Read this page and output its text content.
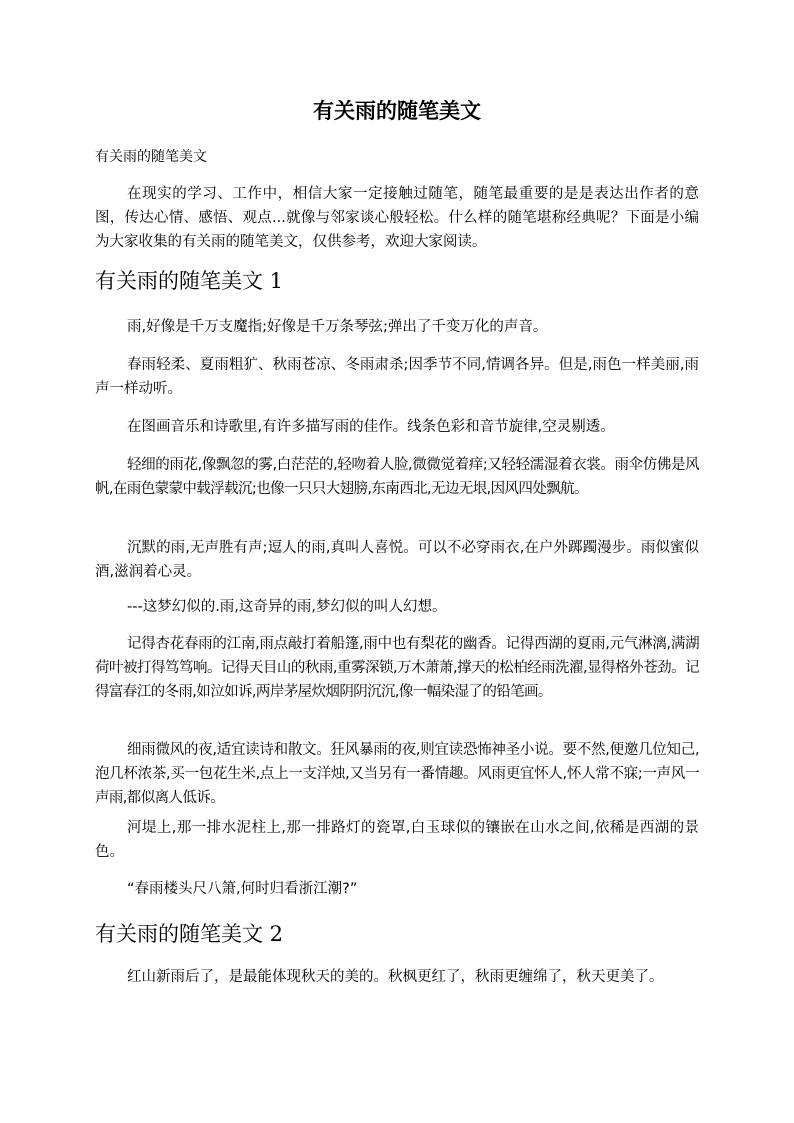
有关雨的随笔美文

有关雨的随笔美文

在现实的学习、工作中，相信大家一定接触过随笔，随笔最重要的是是表达出作者的意图，传达心情、感悟、观点...就像与邻家谈心般轻松。什么样的随笔堪称经典呢？下面是小编为大家收集的有关雨的随笔美文，仅供参考，欢迎大家阅读。

有关雨的随笔美文 1

雨,好像是千万支魔指;好像是千万条琴弦;弹出了千变万化的声音。

春雨轻柔、夏雨粗犷、秋雨苍凉、冬雨肃杀;因季节不同,情调各异。但是,雨色一样美丽,雨声一样动听。

在图画音乐和诗歌里,有许多描写雨的佳作。线条色彩和音节旋律,空灵剔透。

轻细的雨花,像飘忽的雾,白茫茫的,轻吻着人脸,微微觉着痒;又轻轻濡湿着衣裳。雨伞仿佛是风帆,在雨色蒙蒙中载浮载沉;也像一只只大翅膀,东南西北,无边无垠,因风四处飘航。

沉默的雨,无声胜有声;逗人的雨,真叫人喜悦。可以不必穿雨衣,在户外踯躅漫步。雨似蜜似酒,滋润着心灵。

---这梦幻似的.雨,这奇异的雨,梦幻似的叫人幻想。

记得杏花春雨的江南,雨点敲打着船篷,雨中也有梨花的幽香。记得西湖的夏雨,元气淋漓,满湖荷叶被打得笃笃响。记得天目山的秋雨,重雾深锁,万木萧萧,撑天的松柏经雨洗濯,显得格外苍劲。记得富春江的冬雨,如泣如诉,两岸茅屋炊烟阴阴沉沉,像一幅染湿了的铅笔画。

细雨微风的夜,适宜读诗和散文。狂风暴雨的夜,则宜读恐怖神圣小说。要不然,便邀几位知己,泡几杯浓茶,买一包花生米,点上一支洋烛,又当另有一番情趣。风雨更宜怀人,怀人常不寐;一声风一声雨,都似离人低诉。

河堤上,那一排水泥柱上,那一排路灯的瓷罩,白玉球似的镶嵌在山水之间,依稀是西湖的景色。

“春雨楼头尺八箫,何时归看浙江潮?”

有关雨的随笔美文 2

红山新雨后了，是最能体现秋天的美的。秋枫更红了，秋雨更缠绵了，秋天更美了。
